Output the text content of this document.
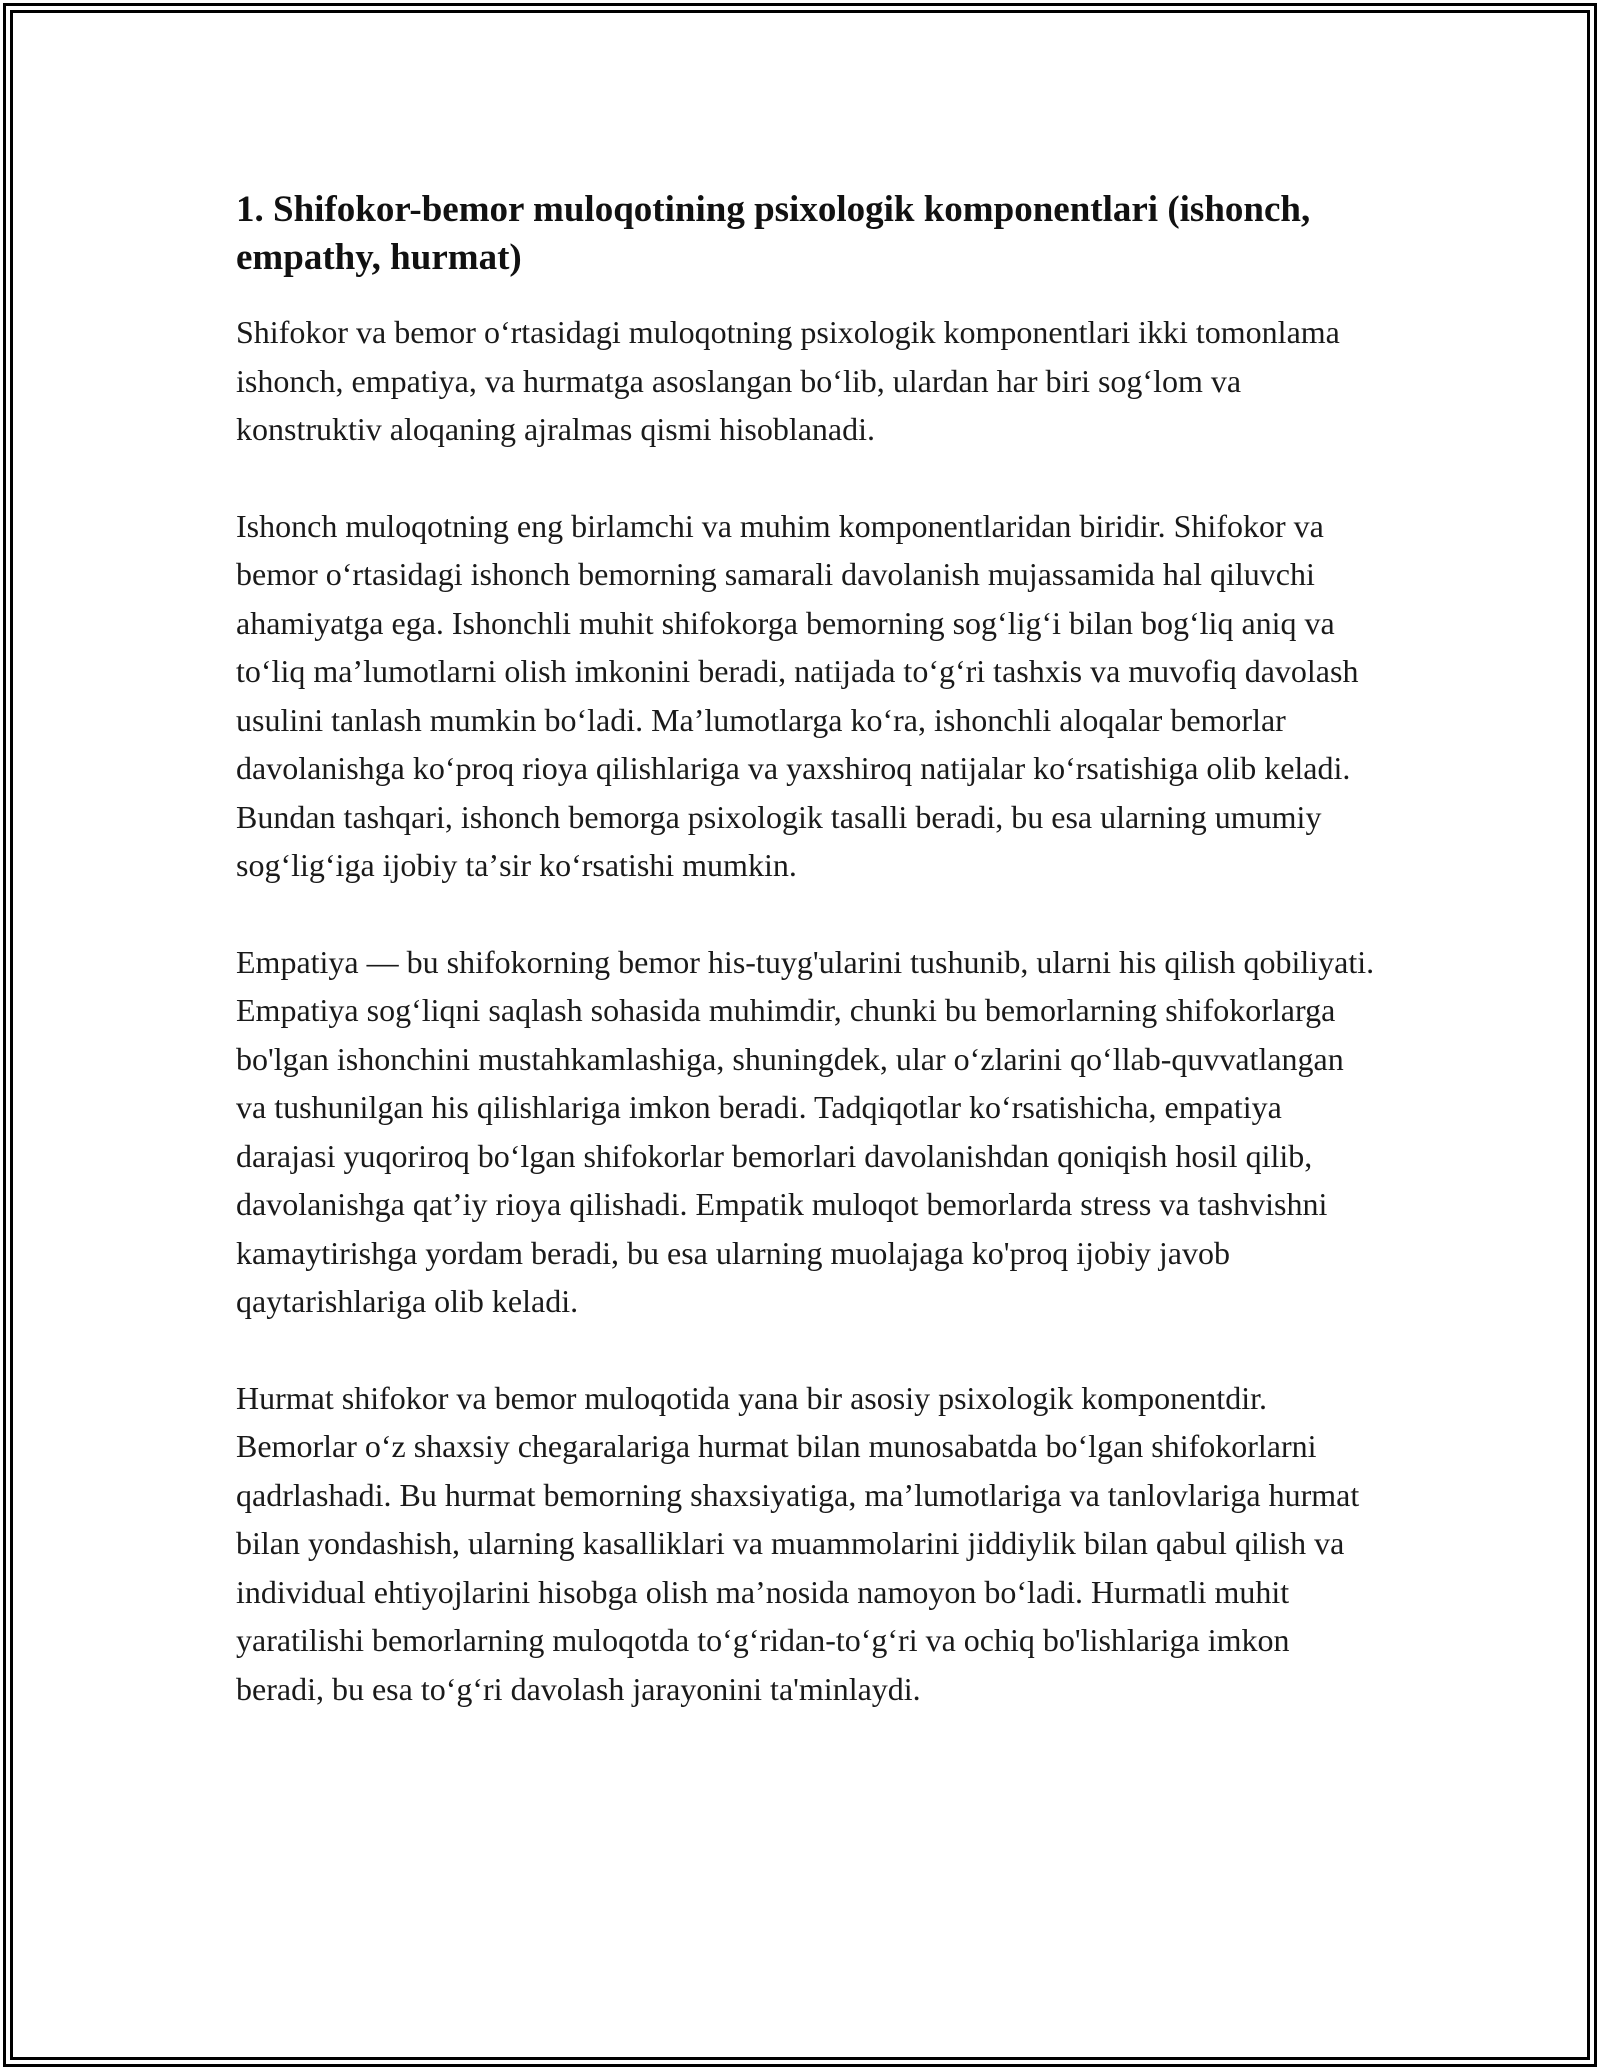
1. Shifokor-bemor muloqotining psixologik komponentlari (ishonch, empathy, hurmat)

Shifokor va bemor oʻrtasidagi muloqotning psixologik komponentlari ikki tomonlama ishonch, empatiya, va hurmatga asoslangan boʻlib, ulardan har biri sogʻlom va konstruktiv aloqaning ajralmas qismi hisoblanadi.

Ishonch muloqotning eng birlamchi va muhim komponentlaridan biridir. Shifokor va bemor oʻrtasidagi ishonch bemorning samarali davolanish mujassamida hal qiluvchi ahamiyatga ega. Ishonchli muhit shifokorga bemorning sogʻligʻi bilan bogʻliq aniq va toʻliq maʼlumotlarni olish imkonini beradi, natijada toʻgʻri tashxis va muvofiq davolash usulini tanlash mumkin boʻladi. Maʼlumotlarga koʻra, ishonchli aloqalar bemorlar davolanishga koʻproq rioya qilishlariga va yaxshiroq natijalar koʻrsatishiga olib keladi. Bundan tashqari, ishonch bemorga psixologik tasalli beradi, bu esa ularning umumiy sogʻligʻiga ijobiy taʼsir koʻrsatishi mumkin.

Empatiya — bu shifokorning bemor his-tuyg'ularini tushunib, ularni his qilish qobiliyati. Empatiya sogʻliqni saqlash sohasida muhimdir, chunki bu bemorlarning shifokorlarga bo'lgan ishonchini mustahkamlashiga, shuningdek, ular oʻzlarini qoʻllab-quvvatlangan va tushunilgan his qilishlariga imkon beradi. Tadqiqotlar koʻrsatishicha, empatiya darajasi yuqoriroq boʻlgan shifokorlar bemorlari davolanishdan qoniqish hosil qilib, davolanishga qatʼiy rioya qilishadi. Empatik muloqot bemorlarda stress va tashvishni kamaytirishga yordam beradi, bu esa ularning muolajaga ko'proq ijobiy javob qaytarishlariga olib keladi.

Hurmat shifokor va bemor muloqotida yana bir asosiy psixologik komponentdir. Bemorlar oʻz shaxsiy chegaralariga hurmat bilan munosabatda boʻlgan shifokorlarni qadrlashadi. Bu hurmat bemorning shaxsiyatiga, maʼlumotlariga va tanlovlariga hurmat bilan yondashish, ularning kasalliklari va muammolarini jiddiylik bilan qabul qilish va individual ehtiyojlarini hisobga olish maʼnosida namoyon boʻladi. Hurmatli muhit yaratilishi bemorlarning muloqotda toʻgʻridan-toʻgʻri va ochiq bo'lishlariga imkon beradi, bu esa toʻgʻri davolash jarayonini ta'minlaydi.
